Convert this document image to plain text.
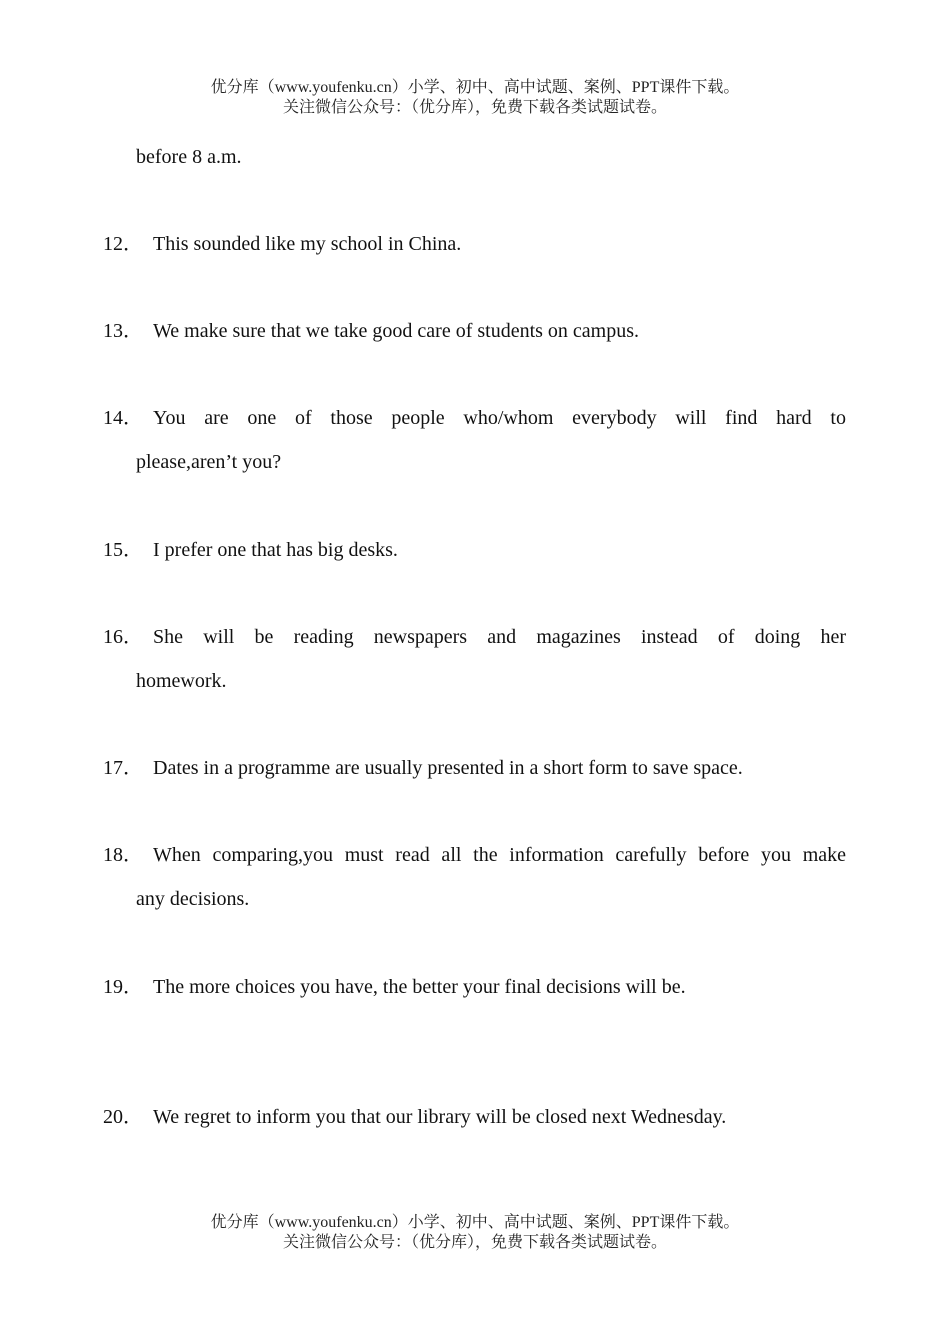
优分库（www.youfenku.cn）小学、初中、高中试题、案例、PPT课件下载。
关注微信公众号：（优分库），免费下载各类试题试卷。
before 8 a.m.
12． This sounded like my school in China.
13． We make sure that we take good care of students on campus.
14． You are one of those people who/whom everybody will find hard to
please,aren’t you?
15． I prefer one that has big desks.
16． She will be reading newspapers and magazines instead of doing her
homework.
17． Dates in a programme are usually presented in a short form to save space.
18． When comparing,you must read all the information carefully before you make
any decisions.
19． The more choices you have, the better your final decisions will be.
20． We regret to inform you that our library will be closed next Wednesday.
优分库（www.youfenku.cn）小学、初中、高中试题、案例、PPT课件下载。
关注微信公众号：（优分库），免费下载各类试题试卷。
